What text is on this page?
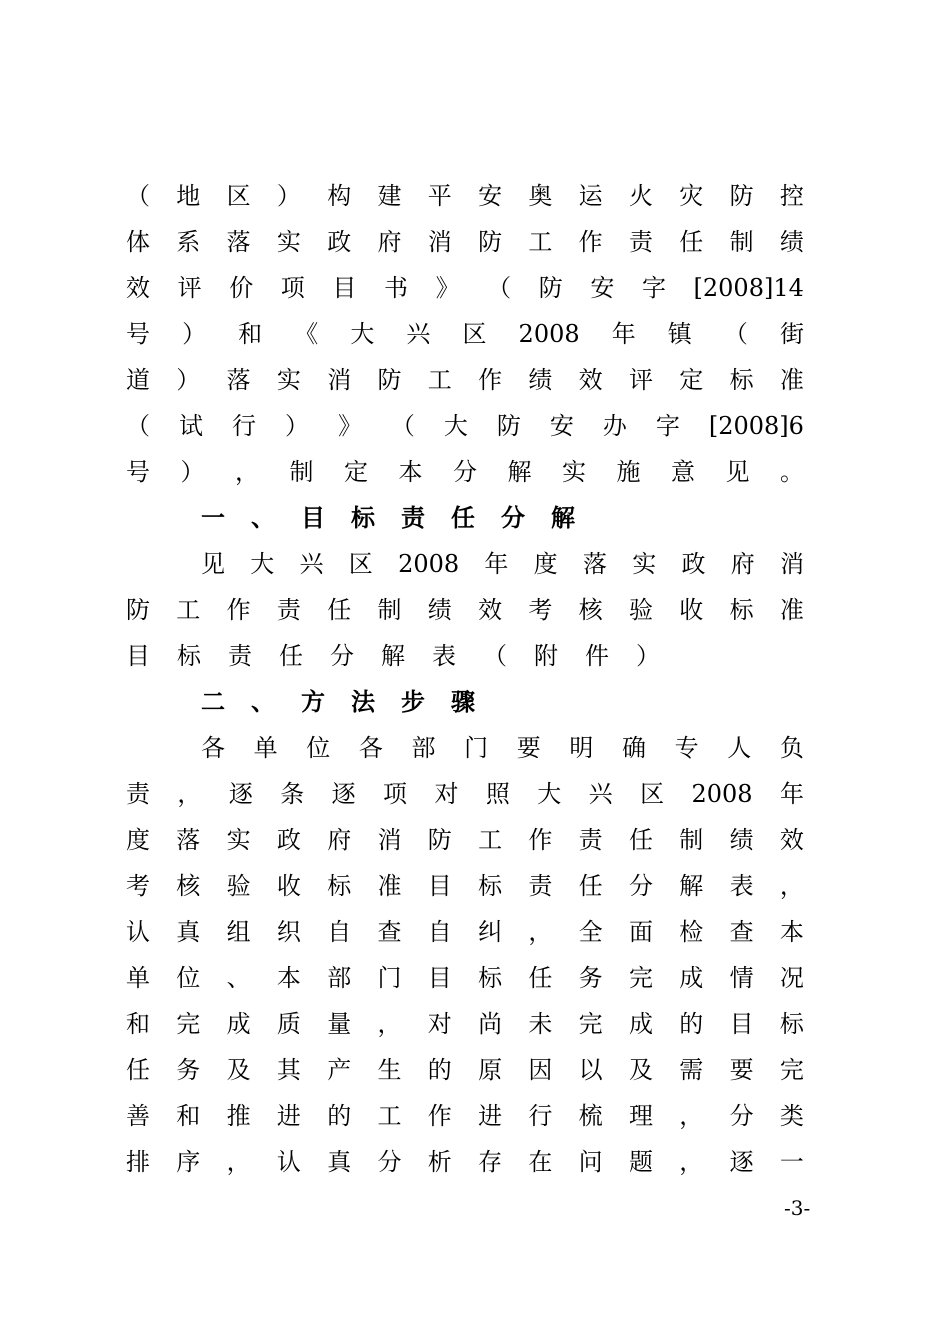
（ 地 区 ） 构 建 平 安 奥 运 火 灾 防 控
体 系 落 实 政 府 消 防 工 作 责 任 制 绩
效 评 价 项 目 书 》 （ 防 安 字 [2008]14
号 ） 和 《 大 兴 区 2008 年 镇 （ 街
道 ） 落 实 消 防 工 作 绩 效 评 定 标 准
（ 试 行 ） 》 （ 大 防 安 办 字 [2008]6
号 ） ， 制 定 本 分 解 实 施 意 见 。
一 、 目 标 责 任 分 解
见 大 兴 区 2008 年 度 落 实 政 府 消
防 工 作 责 任 制 绩 效 考 核 验 收 标 准
目 标 责 任 分 解 表 （ 附 件 ）
二 、 方 法 步 骤
各 单 位 各 部 门 要 明 确 专 人 负
责 ， 逐 条 逐 项 对 照 大 兴 区 2008 年
度 落 实 政 府 消 防 工 作 责 任 制 绩 效
考 核 验 收 标 准 目 标 责 任 分 解 表 ，
认 真 组 织 自 查 自 纠 ， 全 面 检 查 本
单 位 、 本 部 门 目 标 任 务 完 成 情 况
和 完 成 质 量 ， 对 尚 未 完 成 的 目 标
任 务 及 其 产 生 的 原 因 以 及 需 要 完
善 和 推 进 的 工 作 进 行 梳 理 ， 分 类
排 序 ， 认 真 分 析 存 在 问 题 ， 逐 一
-3-
